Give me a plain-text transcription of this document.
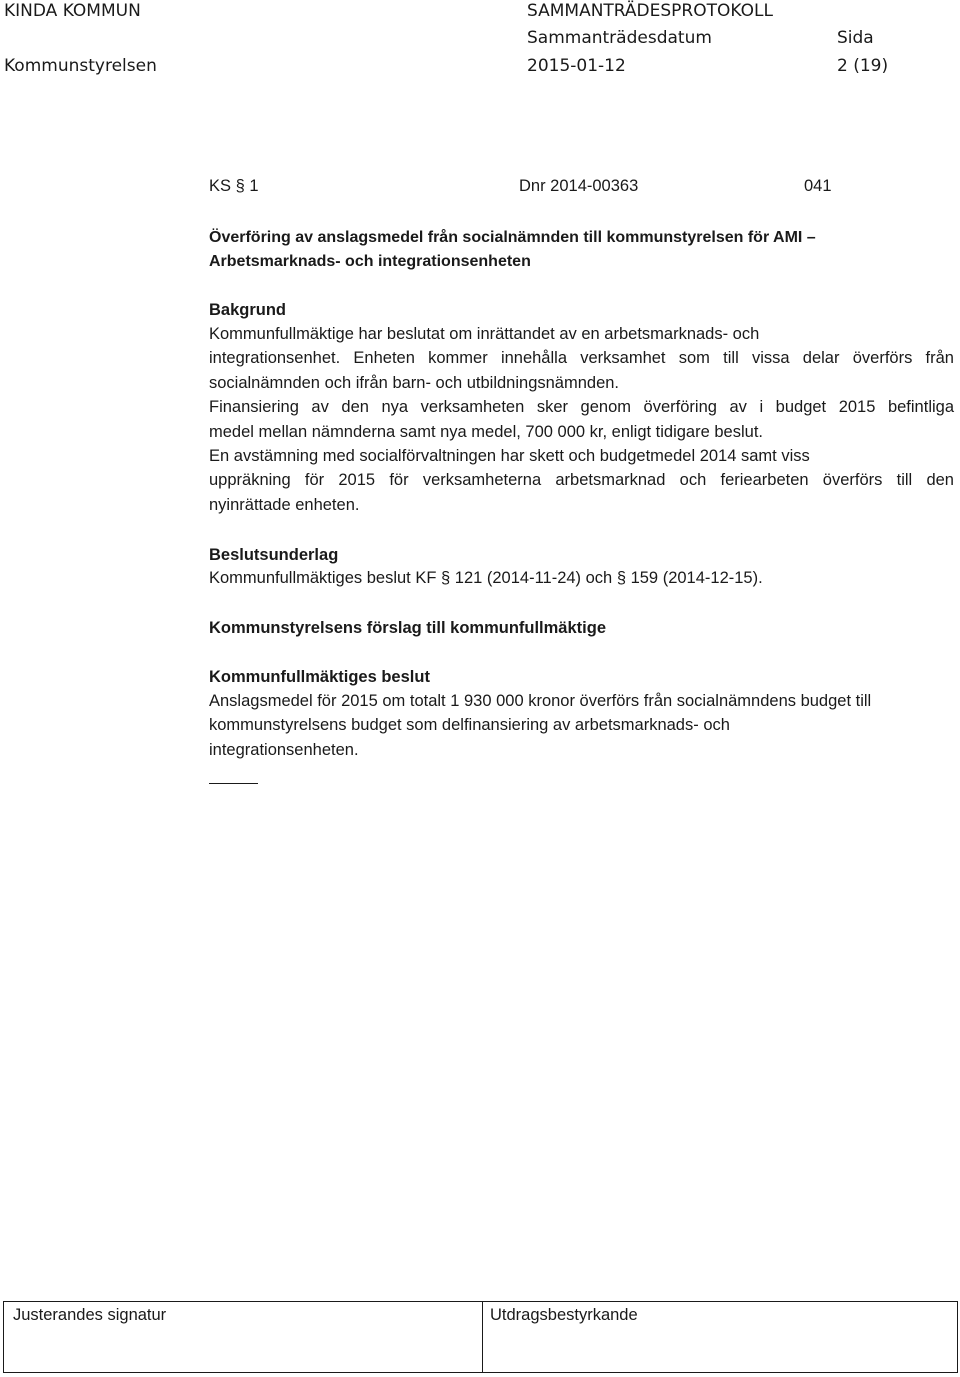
KINDA KOMMUN	SAMMANTRÄDESPROTOKOLL
Sammanträdesdatum	Sida
Kommunstyrelsen	2015-01-12	2 (19)
KS § 1	Dnr 2014-00363	041
Överföring av anslagsmedel från socialnämnden till kommunstyrelsen för AMI –
Arbetsmarknads- och integrationsenheten
Bakgrund
Kommunfullmäktige har beslutat om inrättandet av en arbetsmarknads- och
integrationsenhet. Enheten kommer innehålla verksamhet som till vissa delar överförs från
socialnämnden och ifrån barn- och utbildningsnämnden.
Finansiering av den nya verksamheten sker genom överföring av i budget 2015 befintliga
medel mellan nämnderna samt nya medel, 700 000 kr, enligt tidigare beslut.
En avstämning med socialförvaltningen har skett och budgetmedel 2014 samt viss
uppräkning för 2015 för verksamheterna arbetsmarknad och feriearbeten överförs till den
nyinrättade enheten.
Beslutsunderlag
Kommunfullmäktiges beslut KF § 121 (2014-11-24) och § 159 (2014-12-15).
Kommunstyrelsens förslag till kommunfullmäktige
Kommunfullmäktiges beslut
Anslagsmedel för 2015 om totalt 1 930 000 kronor överförs från socialnämndens budget till
kommunstyrelsens budget som delfinansiering av arbetsmarknads- och
integrationsenheten.
Justerandes signatur	Utdragsbestyrkande
